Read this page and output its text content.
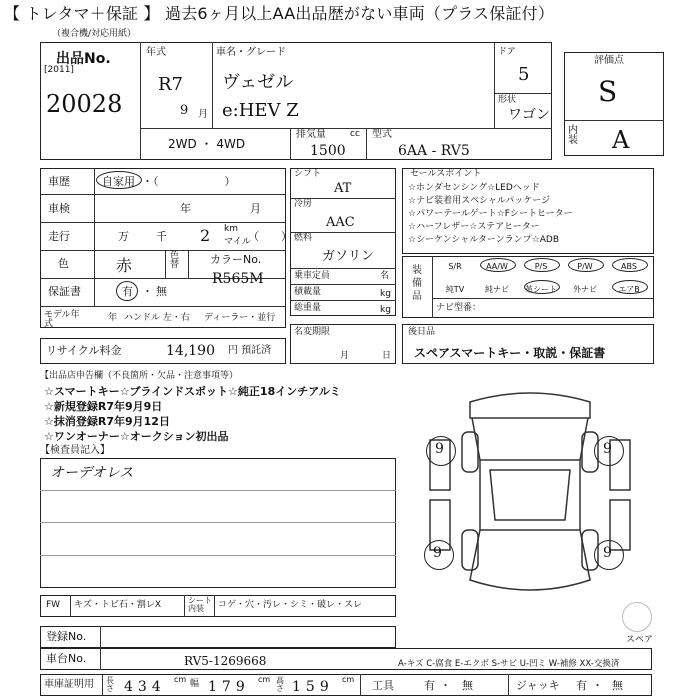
【 トレタマ＋保証 】 過去6ヶ月以上AA出品歴がない車両（プラス保証付）
（複合機/対応用紙）
出品No.
[2011]
20028
年式
R7
9 月
車名・グレード
ヴェゼル
e:HEV Z
ドア
5
形状
ワゴン
2WD ・ 4WD
排気量	cc
1500
型式
6AA - RV5
評価点
S
内装 A
車歴	自家用 ・（　　　　　　）
車検	年	月
走行	万 千 2 km
マイル
（　　）
色	赤	色替	カラーNo.
R565M
保証書	有 ・ 無
モデル年式
年 ハンドル 左・右 ディーラー・並行
リサイクル料金	14,190 円 預託済
シフト
AT
冷房
AAC
燃料
ガソリン
乗車定員	名
積載量	kg
総重量	kg
名変期限
月	日
セールスポイント
☆ホンダセンシング☆LEDヘッド
☆ナビ装着用スペシャルパッケージ
☆パワーテールゲート☆Fシートヒーター
☆ハーフレザー☆ステアヒーター
☆シーケンシャルターンランプ☆ADB
装備品
S/R	AA/W	P/S	P/W	ABS
純TV	純ナビ	革シート	外ナビ	エアB
ナビ型番：
後日品
スペアスマートキー・取説・保証書
【出品店申告欄（不良箇所・欠品・注意事項等）
☆スマートキー☆ブラインドスポット☆純正18インチアルミ
☆新規登録R7年9月9日
☆抹消登録R7年9月12日
☆ワンオーナー☆オークション初出品
【検査員記入】
オーデオレス
9	9
9	9
スペア
FW キズ・トビ石・割レX	シート内装	コゲ・穴・汚レ・シミ・破レ・スレ
登録No.
車台No.	RV5-1269668	A-キズ C-腐食 E-エクボ S-サビ U-凹ミ W-補修 XX-交換済
車庫証明用 長さ 434 cm 幅 179 cm 高さ 159 cm 工具	有 ・ 無	ジャッキ 有 ・ 無
